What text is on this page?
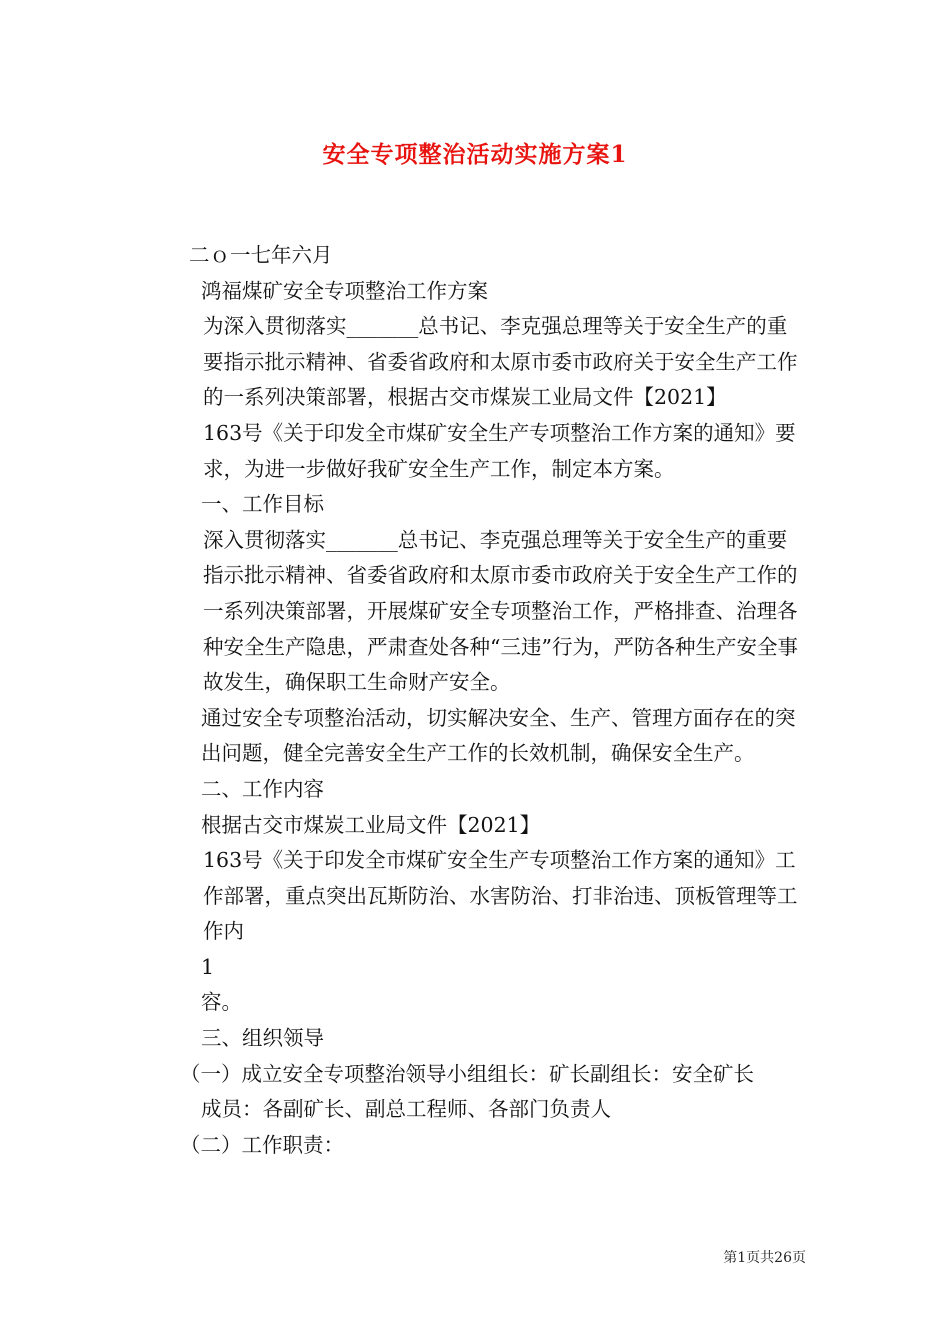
安全专项整治活动实施方案1

二ｏ一七年六月

鸿福煤矿安全专项整治工作方案

为深入贯彻落实_______总书记、李克强总理等关于安全生产的重要指示批示精神、省委省政府和太原市委市政府关于安全生产工作的一系列决策部署，根据古交市煤炭工业局文件【2021】

163号《关于印发全市煤矿安全生产专项整治工作方案的通知》要求，为进一步做好我矿安全生产工作，制定本方案。

一、工作目标

深入贯彻落实_______总书记、李克强总理等关于安全生产的重要指示批示精神、省委省政府和太原市委市政府关于安全生产工作的一系列决策部署，开展煤矿安全专项整治工作，严格排查、治理各种安全生产隐患，严肃查处各种“三违”行为，严防各种生产安全事故发生，确保职工生命财产安全。

通过安全专项整治活动，切实解决安全、生产、管理方面存在的突出问题，健全完善安全生产工作的长效机制，确保安全生产。

二、工作内容

根据古交市煤炭工业局文件【2021】

163号《关于印发全市煤矿安全生产专项整治工作方案的通知》工作部署，重点突出瓦斯防治、水害防治、打非治违、顶板管理等工作内

1

容。

三、组织领导

（一）成立安全专项整治领导小组组长：矿长副组长：安全矿长

成员：各副矿长、副总工程师、各部门负责人

（二）工作职责：

第1页共26页
